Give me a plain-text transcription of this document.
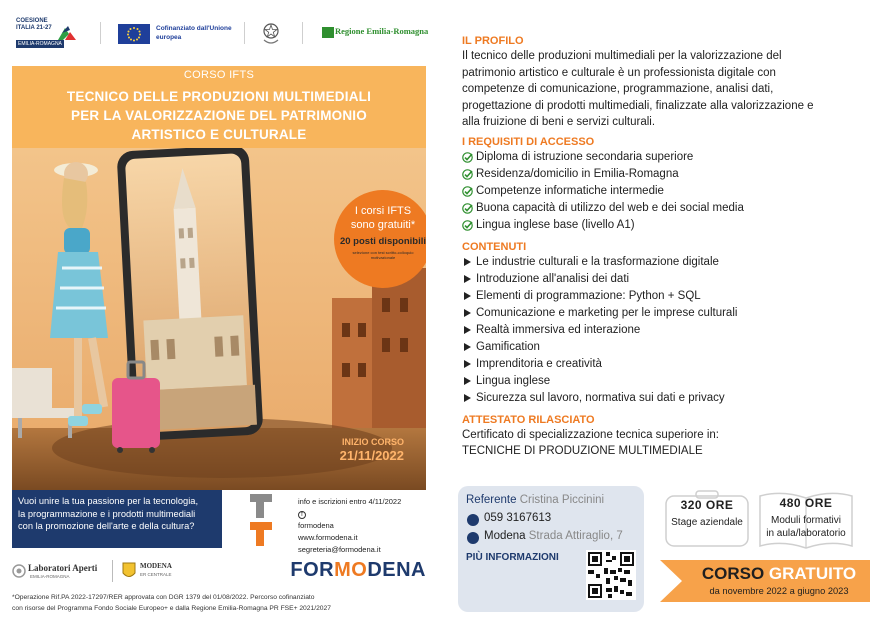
COESIONE ITALIA 21-27
EMILIA-ROMAGNA
Cofinanziato dall'Unione europea
Regione Emilia-Romagna
CORSO IFTS
TECNICO DELLE PRODUZIONI MULTIMEDIALI
PER LA VALORIZZAZIONE DEL PATRIMONIO
ARTISTICO E CULTURALE
I corsi IFTS
sono gratuiti*
20 posti disponibili
selezione con test scritto-colloquio motivazionale
INIZIO CORSO
21/11/2022
Vuoi unire la tua passione per la tecnologia,
la programmazione e i prodotti multimediali
con la promozione dell'arte e della cultura?
info e iscrizioni entro 4/11/2022
f
formodena
www.formodena.it
segreteria@formodena.it
Laboratori Aperti
EMILIA-ROMAGNA
MODENA
ER CENTRALE	FORMODENA
*Operazione Rif.PA 2022-17297/RER approvata con DGR 1379 del 01/08/2022. Percorso cofinanziato
con risorse del Programma Fondo Sociale Europeo+ e dalla Regione Emilia-Romagna PR FSE+ 2021/2027
IL PROFILO
Il tecnico delle produzioni multimediali per la valorizzazione del
patrimonio artistico e culturale è un professionista digitale con
competenze di comunicazione, programmazione, analisi dati,
progettazione di prodotti multimediali, finalizzate alla valorizzazione e
alla fruizione di beni e servizi culturali.
I REQUISITI DI ACCESSO
Diploma di istruzione secondaria superiore
Residenza/domicilio in Emilia-Romagna
Competenze informatiche intermedie
Buona capacità di utilizzo del web e dei social media
Lingua inglese base (livello A1)
CONTENUTI
Le industrie culturali e la trasformazione digitale
Introduzione all'analisi dei dati
Elementi di programmazione: Python + SQL
Comunicazione e marketing per le imprese culturali
Realtà immersiva ed interazione
Gamification
Imprenditoria e creatività
Lingua inglese
Sicurezza sul lavoro, normativa sui dati e privacy
ATTESTATO RILASCIATO
Certificato di specializzazione tecnica superiore in:
TECNICHE DI PRODUZIONE MULTIMEDIALE
Referente Cristina Piccinini
059 3167613
Modena Strada Attiraglio, 7
PIÙ INFORMAZIONI
320 ORE
Stage aziendale
480 ORE
Moduli formativi
in aula/laboratorio
CORSO GRATUITO
da novembre 2022 a giugno 2023
